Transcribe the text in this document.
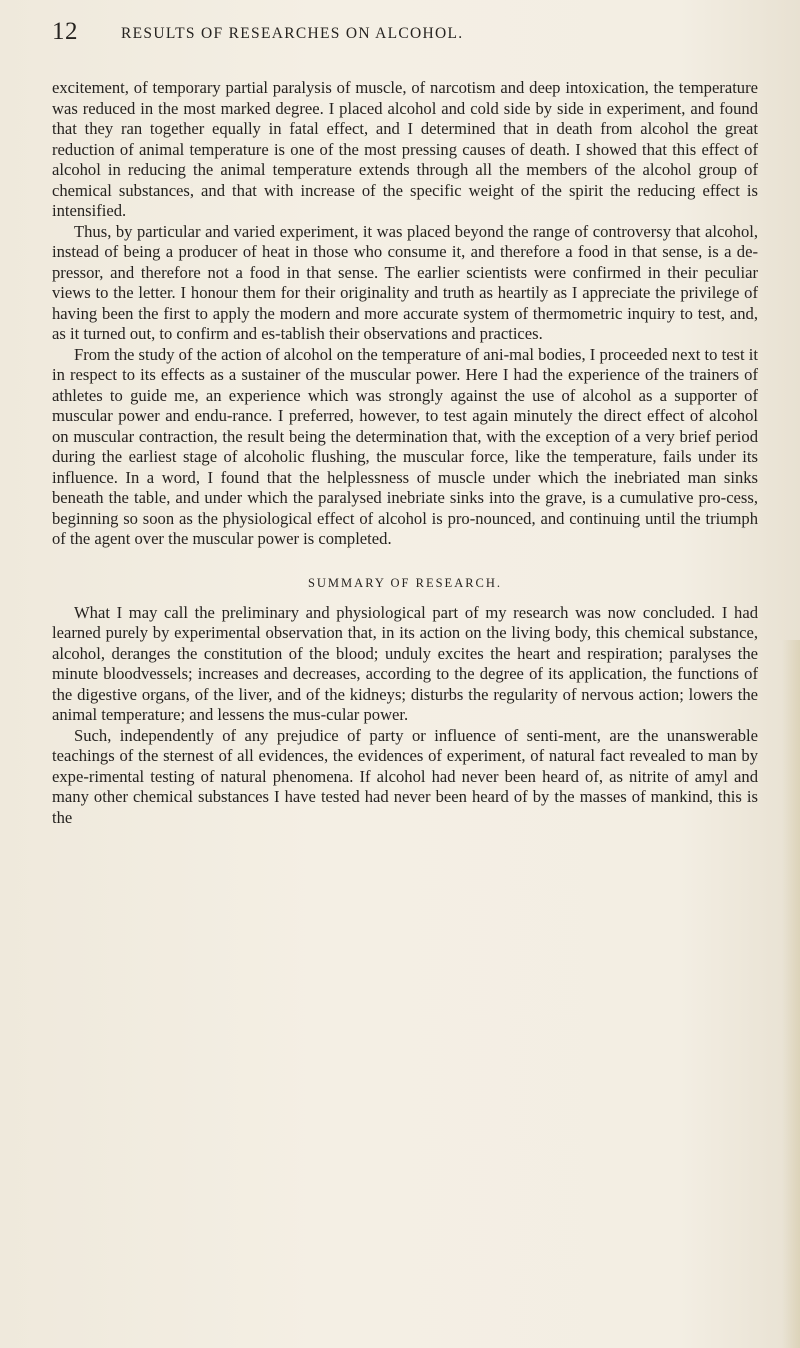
12	RESULTS OF RESEARCHES ON ALCOHOL.

excitement, of temporary partial paralysis of muscle, of narcotism and deep intoxication, the temperature was reduced in the most marked degree. I placed alcohol and cold side by side in experiment, and found that they ran together equally in fatal effect, and I determined that in death from alcohol the great reduction of animal temperature is one of the most pressing causes of death. I showed that this effect of alcohol in reducing the animal temperature extends through all the members of the alcohol group of chemical substances, and that with increase of the specific weight of the spirit the reducing effect is intensified.

Thus, by particular and varied experiment, it was placed beyond the range of controversy that alcohol, instead of being a producer of heat in those who consume it, and therefore a food in that sense, is a de-pressor, and therefore not a food in that sense. The earlier scientists were confirmed in their peculiar views to the letter. I honour them for their originality and truth as heartily as I appreciate the privilege of having been the first to apply the modern and more accurate system of thermometric inquiry to test, and, as it turned out, to confirm and es-tablish their observations and practices.

From the study of the action of alcohol on the temperature of ani-mal bodies, I proceeded next to test it in respect to its effects as a sustainer of the muscular power. Here I had the experience of the trainers of athletes to guide me, an experience which was strongly against the use of alcohol as a supporter of muscular power and endu-rance. I preferred, however, to test again minutely the direct effect of alcohol on muscular contraction, the result being the determination that, with the exception of a very brief period during the earliest stage of alcoholic flushing, the muscular force, like the temperature, fails under its influence. In a word, I found that the helplessness of muscle under which the inebriated man sinks beneath the table, and under which the paralysed inebriate sinks into the grave, is a cumulative pro-cess, beginning so soon as the physiological effect of alcohol is pro-nounced, and continuing until the triumph of the agent over the muscular power is completed.

SUMMARY OF RESEARCH.

What I may call the preliminary and physiological part of my research was now concluded. I had learned purely by experimental observation that, in its action on the living body, this chemical substance, alcohol, deranges the constitution of the blood; unduly excites the heart and respiration; paralyses the minute bloodvessels; increases and decreases, according to the degree of its application, the functions of the digestive organs, of the liver, and of the kidneys; disturbs the regularity of nervous action; lowers the animal temperature; and lessens the mus-cular power.

Such, independently of any prejudice of party or influence of senti-ment, are the unanswerable teachings of the sternest of all evidences, the evidences of experiment, of natural fact revealed to man by expe-rimental testing of natural phenomena. If alcohol had never been heard of, as nitrite of amyl and many other chemical substances I have tested had never been heard of by the masses of mankind, this is the
